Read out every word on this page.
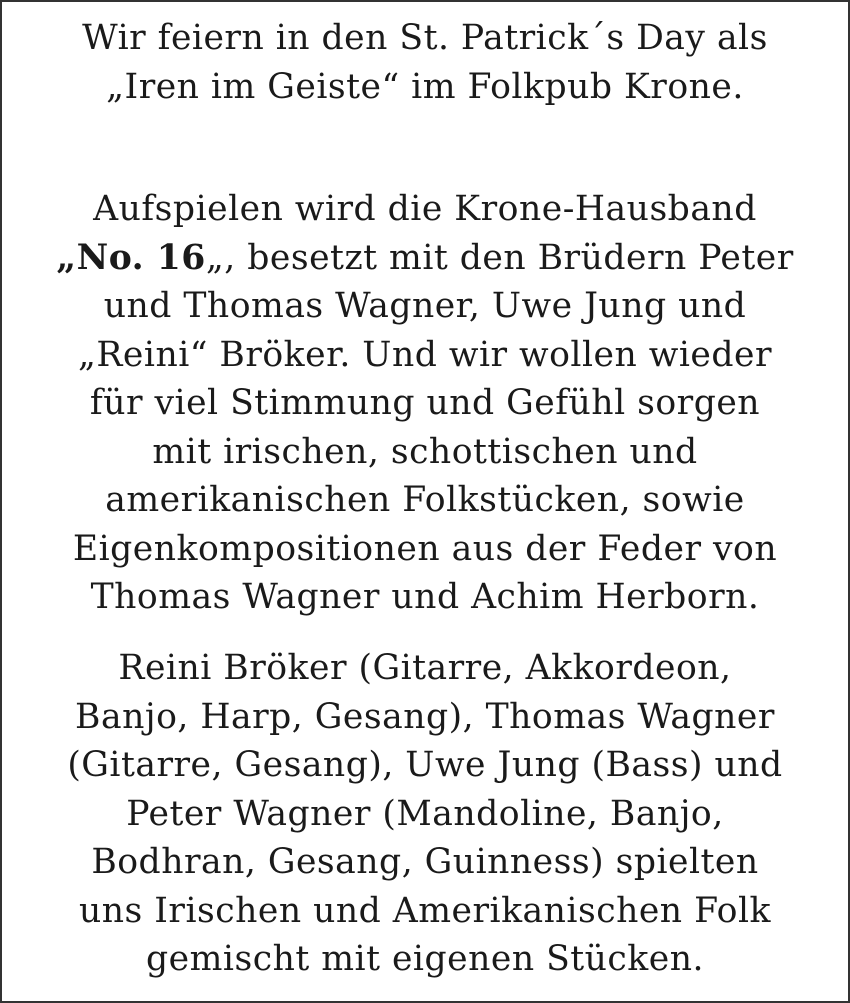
Wir feiern in den St. Patrick´s Day als
„Iren im Geiste“ im Folkpub Krone.

Aufspielen wird die Krone-Hausband
„No. 16„, besetzt mit den Brüdern Peter
und Thomas Wagner, Uwe Jung und
„Reini“ Bröker. Und wir wollen wieder
für viel Stimmung und Gefühl sorgen
mit irischen, schottischen und
amerikanischen Folkstücken, sowie
Eigenkompositionen aus der Feder von
Thomas Wagner und Achim Herborn.

Reini Bröker (Gitarre, Akkordeon,
Banjo, Harp, Gesang), Thomas Wagner
(Gitarre, Gesang), Uwe Jung (Bass) und
Peter Wagner (Mandoline, Banjo,
Bodhran, Gesang, Guinness) spielten
uns Irischen und Amerikanischen Folk
gemischt mit eigenen Stücken.
